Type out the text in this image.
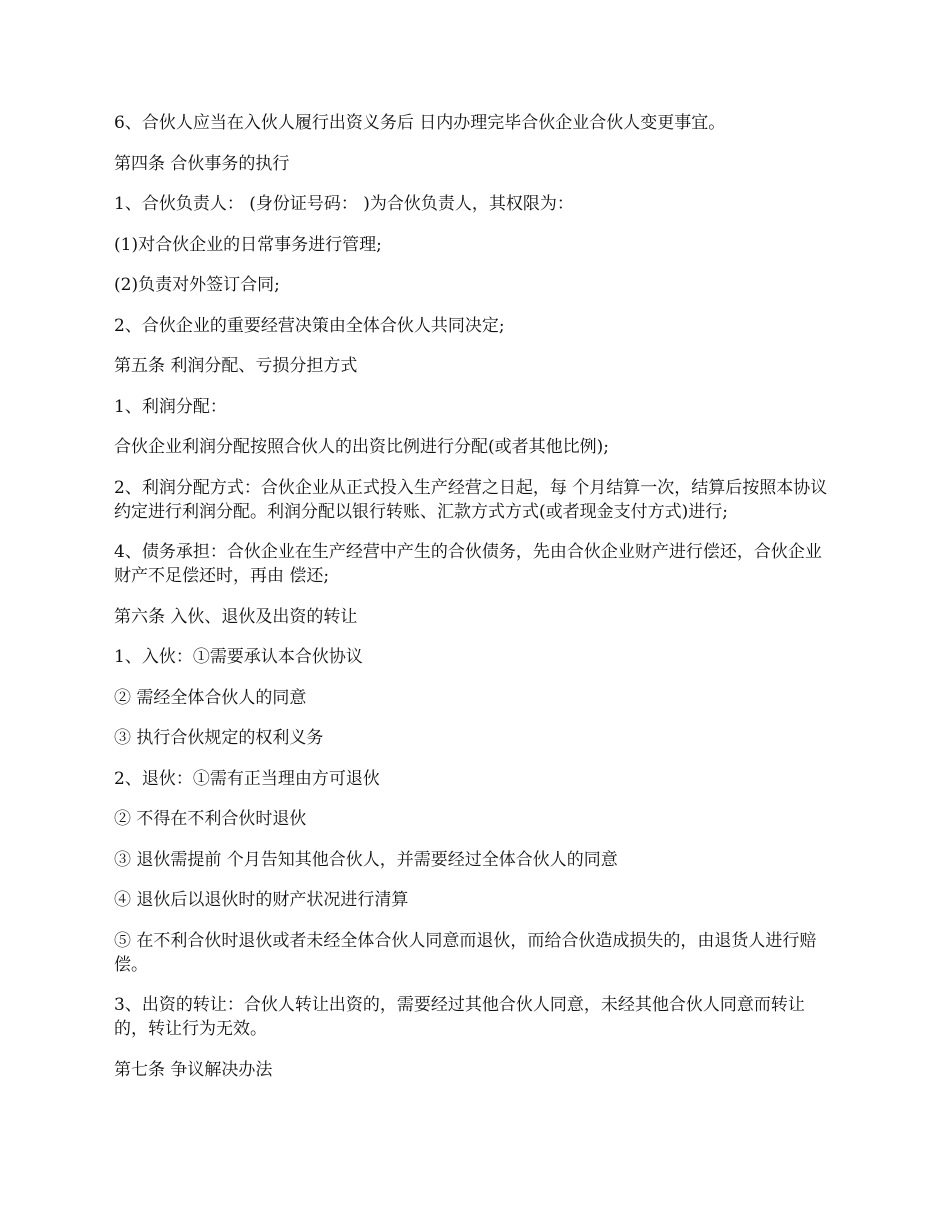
6、合伙人应当在入伙人履行出资义务后 日内办理完毕合伙企业合伙人变更事宜。

第四条 合伙事务的执行

1、合伙负责人： (身份证号码： )为合伙负责人，其权限为：

(1)对合伙企业的日常事务进行管理;

(2)负责对外签订合同;

2、合伙企业的重要经营决策由全体合伙人共同决定;

第五条 利润分配、亏损分担方式

1、利润分配：

合伙企业利润分配按照合伙人的出资比例进行分配(或者其他比例);

2、利润分配方式：合伙企业从正式投入生产经营之日起，每 个月结算一次，结算后按照本协议约定进行利润分配。利润分配以银行转账、汇款方式方式(或者现金支付方式)进行;

4、债务承担：合伙企业在生产经营中产生的合伙债务，先由合伙企业财产进行偿还，合伙企业财产不足偿还时，再由 偿还;

第六条 入伙、退伙及出资的转让

1、入伙：①需要承认本合伙协议

② 需经全体合伙人的同意

③ 执行合伙规定的权利义务

2、退伙：①需有正当理由方可退伙

② 不得在不利合伙时退伙

③ 退伙需提前 个月告知其他合伙人，并需要经过全体合伙人的同意

④ 退伙后以退伙时的财产状况进行清算

⑤ 在不利合伙时退伙或者未经全体合伙人同意而退伙，而给合伙造成损失的，由退货人进行赔偿。

3、出资的转让：合伙人转让出资的，需要经过其他合伙人同意，未经其他合伙人同意而转让的，转让行为无效。

第七条 争议解决办法
